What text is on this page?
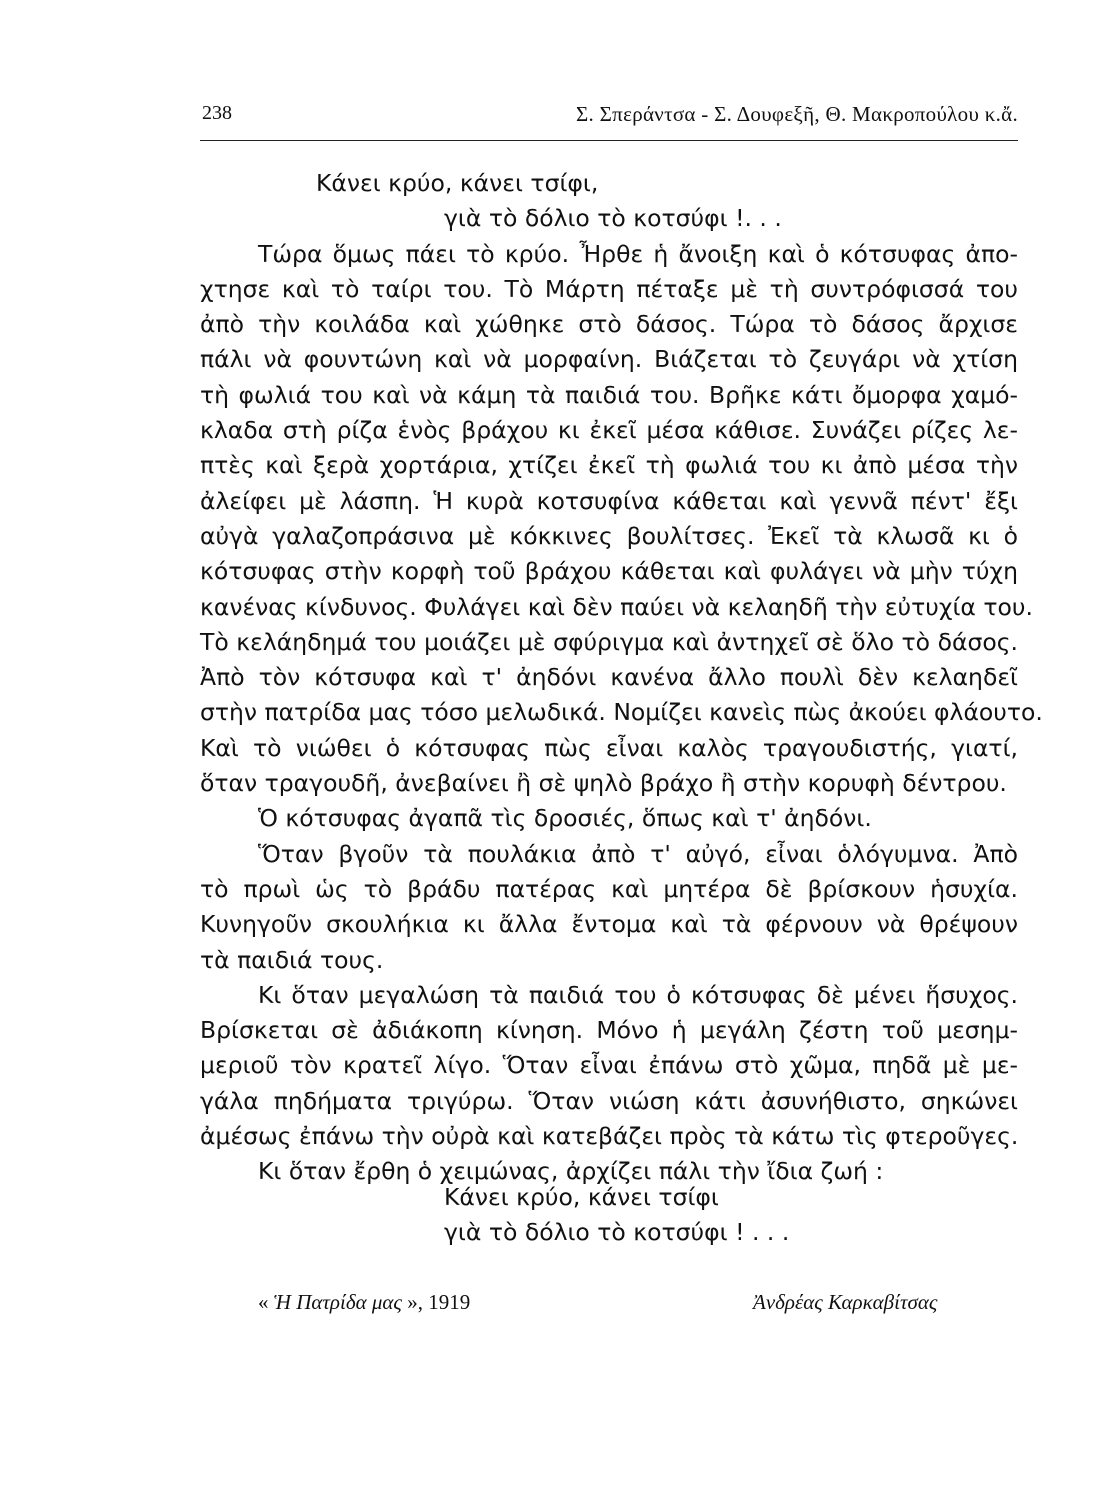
238	Σ. Σπεράντσα - Σ. Δουφεξῆ, Θ. Μακροπούλου κ.ἄ.
Κάνει κρύο, κάνει τσίφι,
γιὰ τὸ δόλιο τὸ κοτσύφι !. . .
Τώρα ὅμως πάει τὸ κρύο. Ἦρθε ἡ ἄνοιξη καὶ ὁ κότσυφας ἀπο-
χτησε καὶ τὸ ταίρι του. Τὸ Μάρτη πέταξε μὲ τὴ συντρόφισσά του
ἀπὸ τὴν κοιλάδα καὶ χώθηκε στὸ δάσος. Τώρα τὸ δάσος ἄρχισε
πάλι νὰ φουντώνη καὶ νὰ μορφαίνη. Βιάζεται τὸ ζευγάρι νὰ χτίση
τὴ φωλιά του καὶ νὰ κάμη τὰ παιδιά του. Βρῆκε κάτι ὄμορφα χαμό-
κλαδα στὴ ρίζα ἑνὸς βράχου κι ἐκεῖ μέσα κάθισε. Συνάζει ρίζες λε-
πτὲς καὶ ξερὰ χορτάρια, χτίζει ἐκεῖ τὴ φωλιά του κι ἀπὸ μέσα τὴν
ἀλείφει μὲ λάσπη. Ἡ κυρὰ κοτσυφίνα κάθεται καὶ γεννᾶ πέντ' ἔξι
αὐγὰ γαλαζοπράσινα μὲ κόκκινες βουλίτσες. Ἐκεῖ τὰ κλωσᾶ κι ὁ
κότσυφας στὴν κορφὴ τοῦ βράχου κάθεται καὶ φυλάγει νὰ μὴν τύχη
κανένας κίνδυνος. Φυλάγει καὶ δὲν παύει νὰ κελαηδῆ τὴν εὐτυχία του.
Τὸ κελάηδημά του μοιάζει μὲ σφύριγμα καὶ ἀντηχεῖ σὲ ὅλο τὸ δάσος.
Ἀπὸ τὸν κότσυφα καὶ τ' ἀηδόνι κανένα ἄλλο πουλὶ δὲν κελαηδεῖ
στὴν πατρίδα μας τόσο μελωδικά. Νομίζει κανεὶς πὼς ἀκούει φλάουτο.
Καὶ τὸ νιώθει ὁ κότσυφας πὼς εἶναι καλὸς τραγουδιστής, γιατί,
ὅταν τραγουδῆ, ἀνεβαίνει ἢ σὲ ψηλὸ βράχο ἢ στὴν κορυφὴ δέντρου.
Ὁ κότσυφας ἀγαπᾶ τὶς δροσιές, ὅπως καὶ τ' ἀηδόνι.
Ὅταν βγοῦν τὰ πουλάκια ἀπὸ τ' αὐγό, εἶναι ὁλόγυμνα. Ἀπὸ
τὸ πρωὶ ὡς τὸ βράδυ πατέρας καὶ μητέρα δὲ βρίσκουν ἡσυχία.
Κυνηγοῦν σκουλήκια κι ἄλλα ἔντομα καὶ τὰ φέρνουν νὰ θρέψουν
τὰ παιδιά τους.
Κι ὅταν μεγαλώση τὰ παιδιά του ὁ κότσυφας δὲ μένει ἥσυχος.
Βρίσκεται σὲ ἀδιάκοπη κίνηση. Μόνο ἡ μεγάλη ζέστη τοῦ μεσημ-
μεριοῦ τὸν κρατεῖ λίγο. Ὅταν εἶναι ἐπάνω στὸ χῶμα, πηδᾶ μὲ με-
γάλα πηδήματα τριγύρω. Ὅταν νιώση κάτι ἀσυνήθιστο, σηκώνει
ἀμέσως ἐπάνω τὴν οὐρὰ καὶ κατεβάζει πρὸς τὰ κάτω τὶς φτεροῦγες.
Κι ὅταν ἔρθη ὁ χειμώνας, ἀρχίζει πάλι τὴν ἴδια ζωή :
Κάνει κρύο, κάνει τσίφι
γιὰ τὸ δόλιο τὸ κοτσύφι ! . . .
« Ἡ Πατρίδα μας », 1919	Ἀνδρέας Καρκαβίτσας
